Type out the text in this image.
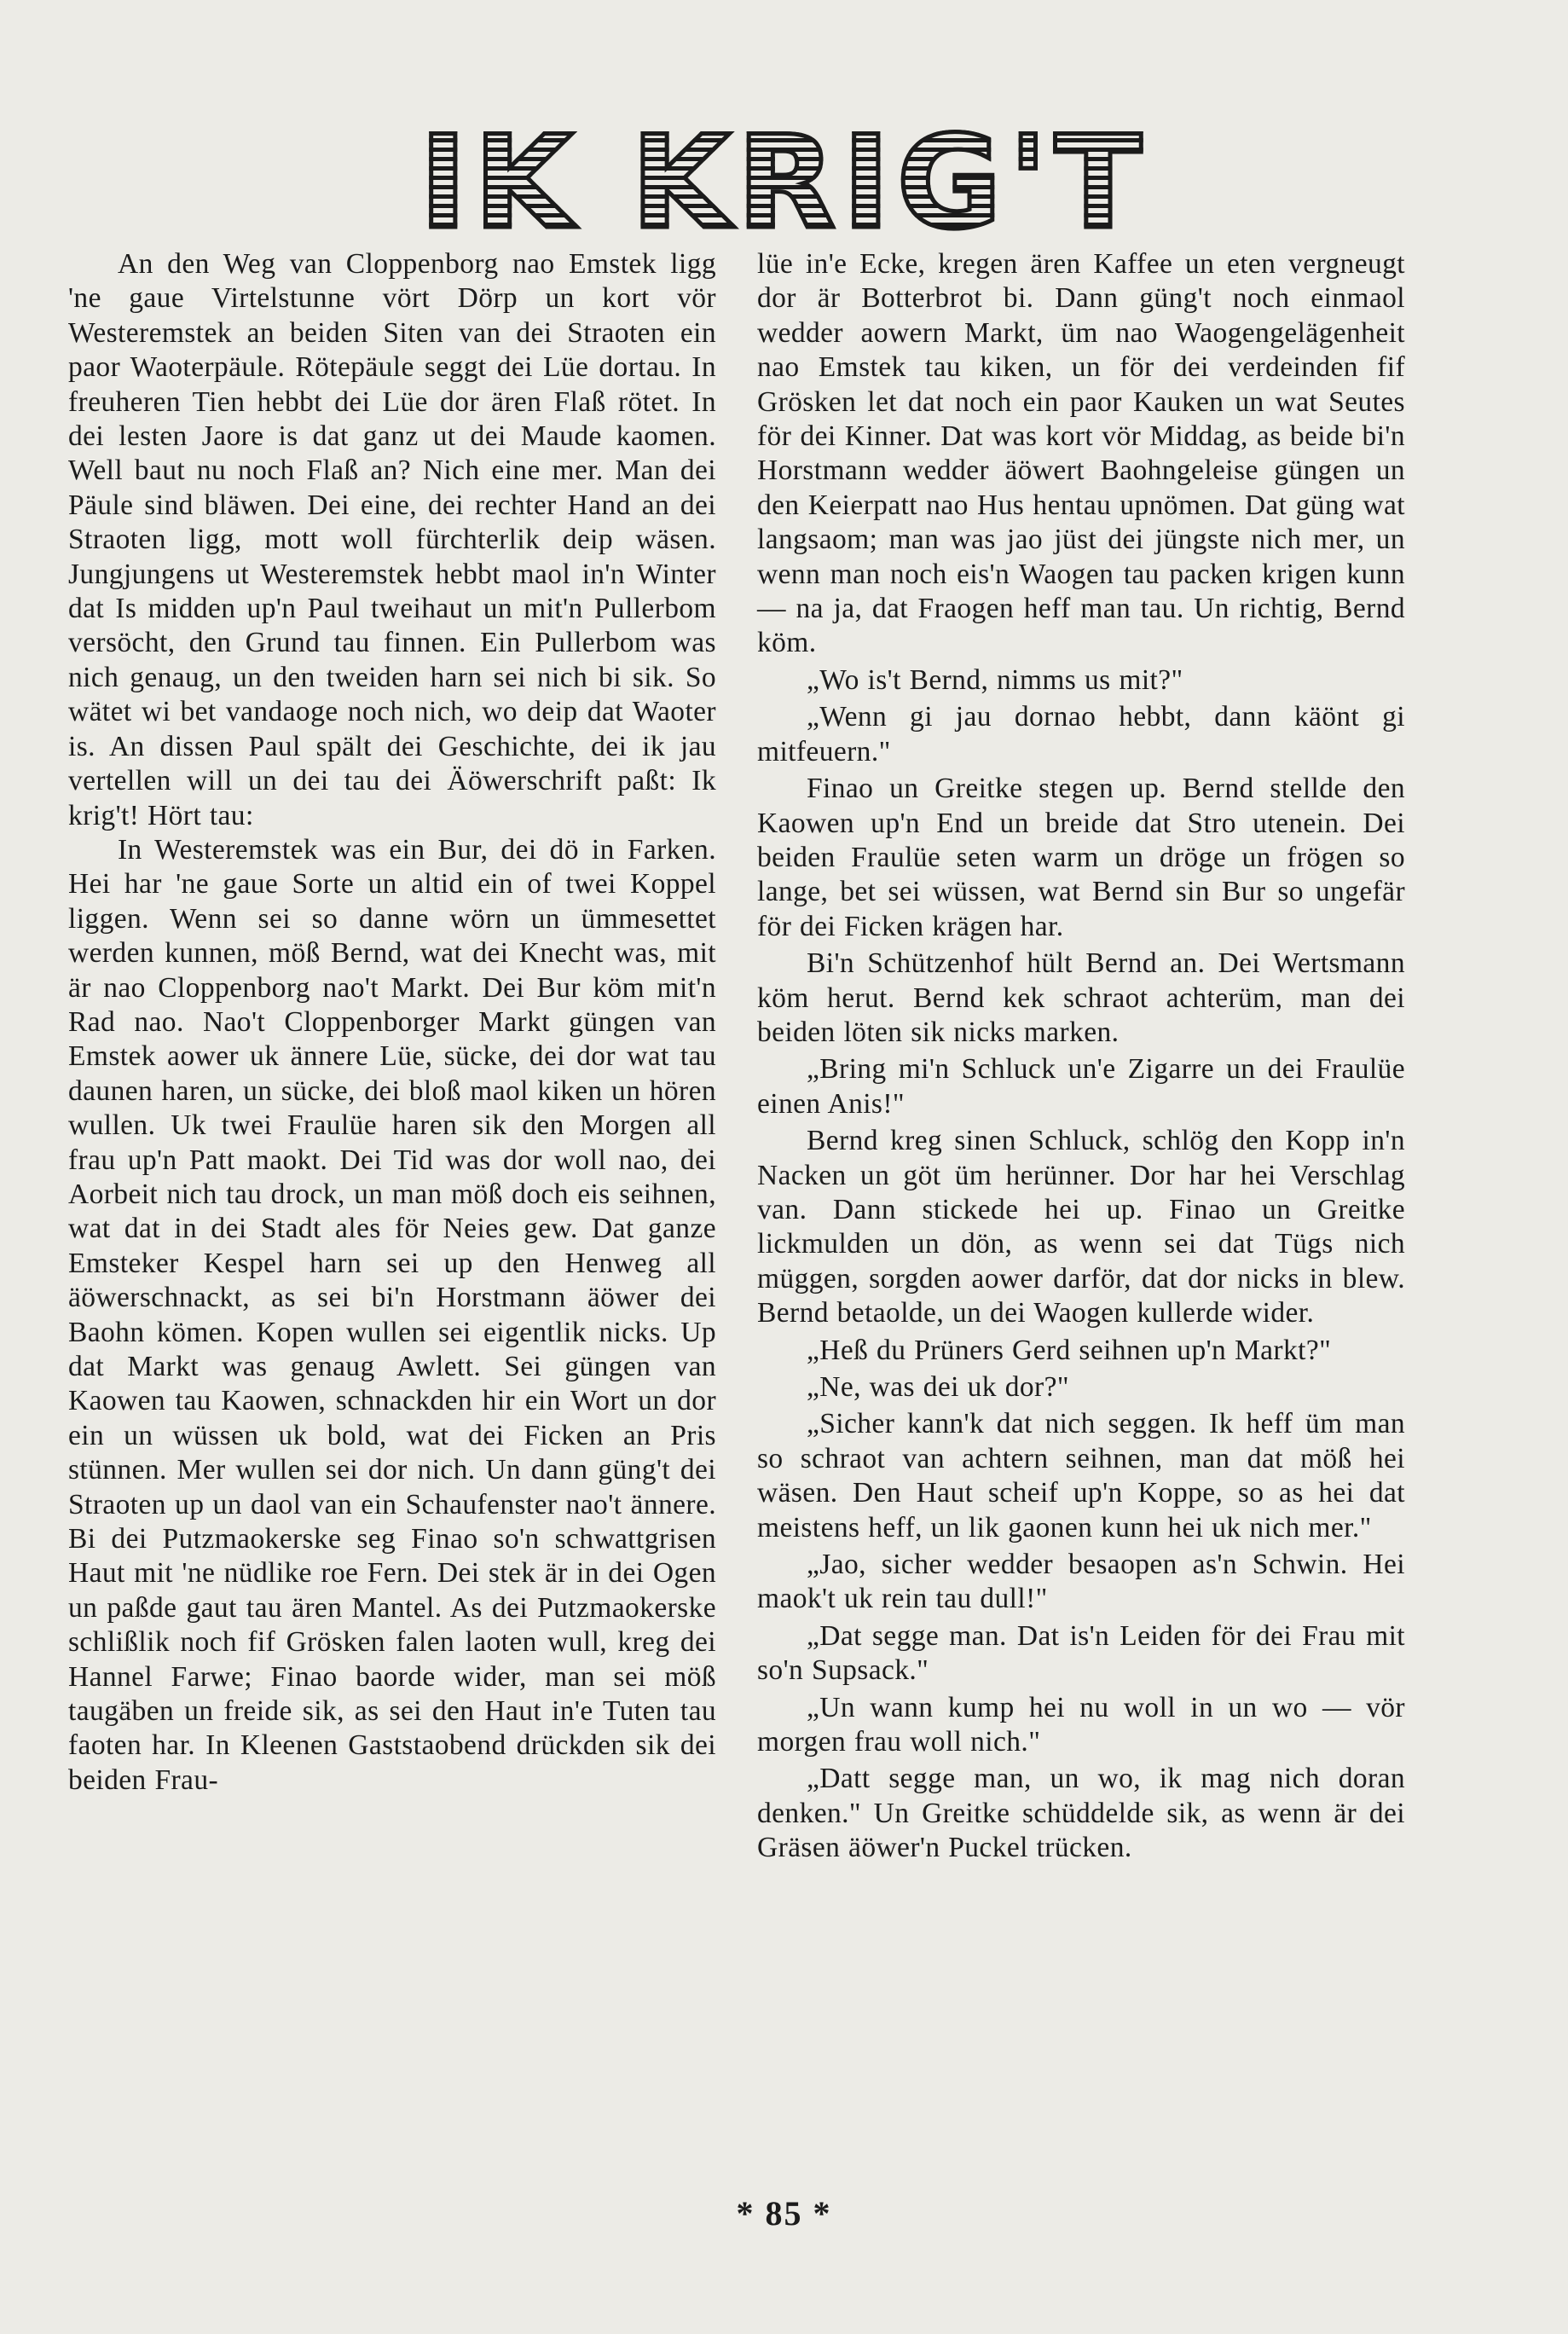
IK KRIG'T

An den Weg van Cloppenborg nao Emstek ligg 'ne gaue Virtelstunne vört Dörp un kort vör Westeremstek an beiden Siten van dei Straoten ein paor Waoterpäule. Rötepäule seggt dei Lüe dortau. In freuheren Tien hebbt dei Lüe dor ären Flaß rötet. In dei lesten Jaore is dat ganz ut dei Maude kaomen. Well baut nu noch Flaß an? Nich eine mer. Man dei Päule sind bläwen. Dei eine, dei rechter Hand an dei Straoten ligg, mott woll fürchterlik deip wäsen. Jungjungens ut Westeremstek hebbt maol in'n Winter dat Is midden up'n Paul tweihaut un mit'n Pullerbom versöcht, den Grund tau finnen. Ein Pullerbom was nich genaug, un den tweiden harn sei nich bi sik. So wätet wi bet vandaoge noch nich, wo deip dat Waoter is. An dissen Paul spält dei Geschichte, dei ik jau vertellen will un dei tau dei Äöwerschrift paßt: Ik krig't! Hört tau:

In Westeremstek was ein Bur, dei dö in Farken. Hei har 'ne gaue Sorte un altid ein of twei Koppel liggen. Wenn sei so danne wörn un ümmesettet werden kunnen, möß Bernd, wat dei Knecht was, mit är nao Cloppenborg nao't Markt. Dei Bur köm mit'n Rad nao. Nao't Cloppenborger Markt güngen van Emstek aower uk ännere Lüe, sücke, dei dor wat tau daunen haren, un sücke, dei bloß maol kiken un hören wullen. Uk twei Fraulüe haren sik den Morgen all frau up'n Patt maokt. Dei Tid was dor woll nao, dei Aorbeit nich tau drock, un man möß doch eis seihnen, wat dat in dei Stadt ales för Neies gew. Dat ganze Emsteker Kespel harn sei up den Henweg all äöwerschnackt, as sei bi'n Horstmann äöwer dei Baohn kömen. Kopen wullen sei eigentlik nicks. Up dat Markt was genaug Awlett. Sei güngen van Kaowen tau Kaowen, schnackden hir ein Wort un dor ein un wüssen uk bold, wat dei Ficken an Pris stünnen. Mer wullen sei dor nich. Un dann güng't dei Straoten up un daol van ein Schaufenster nao't ännere. Bi dei Putzmaokerske seg Finao so'n schwattgrisen Haut mit 'ne nüdlike roe Fern. Dei stek är in dei Ogen un paßde gaut tau ären Mantel. As dei Putzmaokerske schlißlik noch fif Grösken falen laoten wull, kreg dei Hannel Farwe; Finao baorde wider, man sei möß taugäben un freide sik, as sei den Haut in'e Tuten tau faoten har. In Kleenen Gaststaobend drückden sik dei beiden Frau-

lüe in'e Ecke, kregen ären Kaffee un eten vergneugt dor är Botterbrot bi. Dann güng't noch einmaol wedder aowern Markt, üm nao Waogengelägenheit nao Emstek tau kiken, un för dei verdeinden fif Grösken let dat noch ein paor Kauken un wat Seutes för dei Kinner. Dat was kort vör Middag, as beide bi'n Horstmann wedder äöwert Baohngeleise güngen un den Keierpatt nao Hus hentau upnömen. Dat güng wat langsaom; man was jao jüst dei jüngste nich mer, un wenn man noch eis'n Waogen tau packen krigen kunn — na ja, dat Fraogen heff man tau. Un richtig, Bernd köm.

„Wo is't Bernd, nimms us mit?"

„Wenn gi jau dornao hebbt, dann käönt gi mitfeuern."

Finao un Greitke stegen up. Bernd stellde den Kaowen up'n End un breide dat Stro utenein. Dei beiden Fraulüe seten warm un dröge un frögen so lange, bet sei wüssen, wat Bernd sin Bur so ungefär för dei Ficken krägen har.

Bi'n Schützenhof hült Bernd an. Dei Wertsmann köm herut. Bernd kek schraot achterüm, man dei beiden löten sik nicks marken.

„Bring mi'n Schluck un'e Zigarre un dei Fraulüe einen Anis!"

Bernd kreg sinen Schluck, schlög den Kopp in'n Nacken un göt üm herünner. Dor har hei Verschlag van. Dann stickede hei up. Finao un Greitke lickmulden un dön, as wenn sei dat Tügs nich müggen, sorgden aower darför, dat dor nicks in blew. Bernd betaolde, un dei Waogen kullerde wider.

„Heß du Prüners Gerd seihnen up'n Markt?"

„Ne, was dei uk dor?"

„Sicher kann'k dat nich seggen. Ik heff üm man so schraot van achtern seihnen, man dat möß hei wäsen. Den Haut scheif up'n Koppe, so as hei dat meistens heff, un lik gaonen kunn hei uk nich mer."

„Jao, sicher wedder besaopen as'n Schwin. Hei maok't uk rein tau dull!"

„Dat segge man. Dat is'n Leiden för dei Frau mit so'n Supsack."

„Un wann kump hei nu woll in un wo — vör morgen frau woll nich."

„Datt segge man, un wo, ik mag nich doran denken." Un Greitke schüddelde sik, as wenn är dei Gräsen äöwer'n Puckel trücken.

* 85 *
